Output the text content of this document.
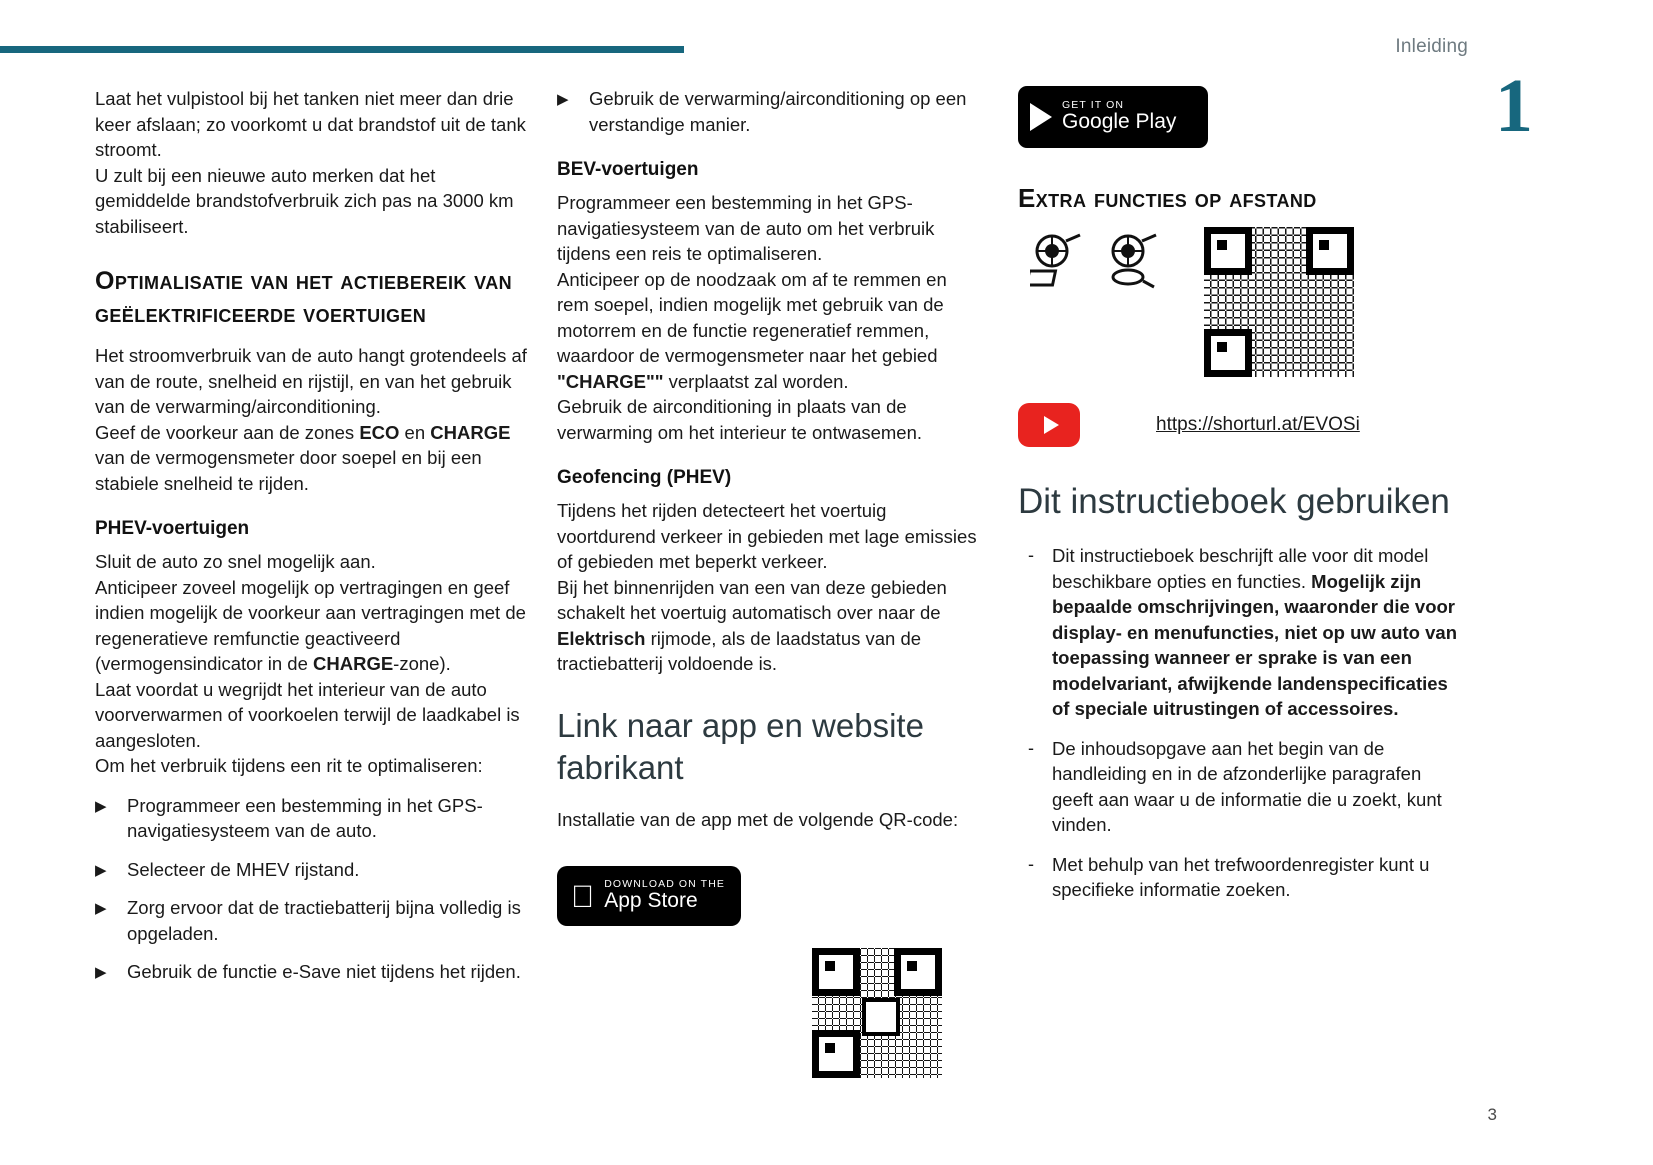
Inleiding
1
3

Laat het vulpistool bij het tanken niet meer dan drie keer afslaan; zo voorkomt u dat brandstof uit de tank stroomt.

U zult bij een nieuwe auto merken dat het gemiddelde brandstofverbruik zich pas na 3000 km stabiliseert.

Optimalisatie van het actiebereik van geëlektrificeerde voertuigen

Het stroomverbruik van de auto hangt grotendeels af van de route, snelheid en rijstijl, en van het gebruik van de verwarming/airconditioning.

Geef de voorkeur aan de zones ECO en CHARGE van de vermogensmeter door soepel en bij een stabiele snelheid te rijden.

PHEV-voertuigen

Sluit de auto zo snel mogelijk aan.

Anticipeer zoveel mogelijk op vertragingen en geef indien mogelijk de voorkeur aan vertragingen met de regeneratieve remfunctie geactiveerd (vermogensindicator in de CHARGE-zone).

Laat voordat u wegrijdt het interieur van de auto voorverwarmen of voorkoelen terwijl de laadkabel is aangesloten.

Om het verbruik tijdens een rit te optimaliseren:

▶ Programmeer een bestemming in het GPS-navigatiesysteem van de auto.
▶ Selecteer de MHEV rijstand.
▶ Zorg ervoor dat de tractiebatterij bijna volledig is opgeladen.
▶ Gebruik de functie e-Save niet tijdens het rijden.
▶ Gebruik de verwarming/airconditioning op een verstandige manier.
BEV-voertuigen

Programmeer een bestemming in het GPS-navigatiesysteem van de auto om het verbruik tijdens een reis te optimaliseren.

Anticipeer op de noodzaak om af te remmen en rem soepel, indien mogelijk met gebruik van de motorrem en de functie regeneratief remmen, waardoor de vermogensmeter naar het gebied "CHARGE"" verplaatst zal worden.

Gebruik de airconditioning in plaats van de verwarming om het interieur te ontwasemen.

Geofencing (PHEV)

Tijdens het rijden detecteert het voertuig voortdurend verkeer in gebieden met lage emissies of gebieden met beperkt verkeer.

Bij het binnenrijden van een van deze gebieden schakelt het voertuig automatisch over naar de Elektrisch rijmode, als de laadstatus van de tractiebatterij voldoende is.

Link naar app en website fabrikant

Installatie van de app met de volgende QR-code:

DOWNLOAD ON THE
App Store
GET IT ON
Google Play
Extra functies op afstand
https://shorturl.at/EVOSi
Dit instructieboek gebruiken
- Dit instructieboek beschrijft alle voor dit model beschikbare opties en functies. Mogelijk zijn bepaalde omschrijvingen, waaronder die voor display- en menufuncties, niet op uw auto van toepassing wanneer er sprake is van een modelvariant, afwijkende landenspecificaties of speciale uitrustingen of accessoires.
- De inhoudsopgave aan het begin van de handleiding en in de afzonderlijke paragrafen geeft aan waar u de informatie die u zoekt, kunt vinden.
- Met behulp van het trefwoordenregister kunt u specifieke informatie zoeken.
